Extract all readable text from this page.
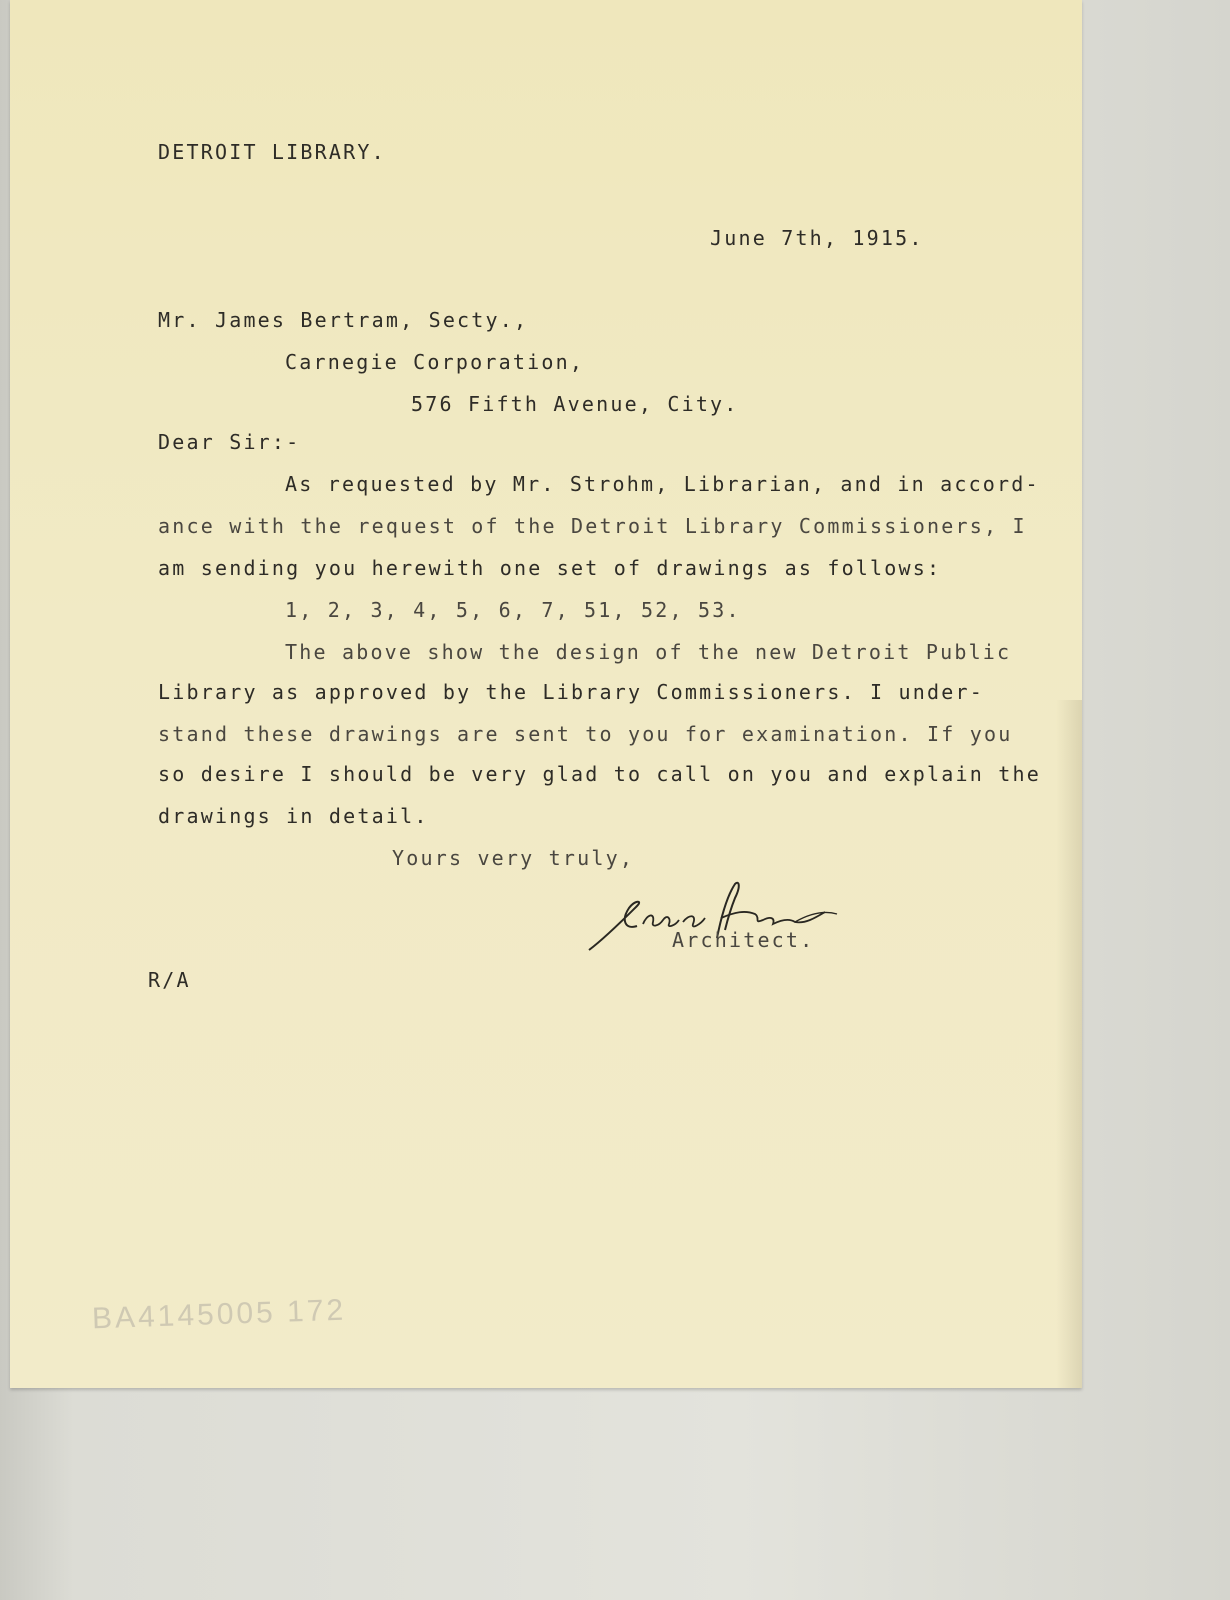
DETROIT LIBRARY.
June 7th, 1915.
Mr. James Bertram, Secty.,
Carnegie Corporation,
576 Fifth Avenue, City.
Dear Sir:-
As requested by Mr. Strohm, Librarian, and in accord-
ance with the request of the Detroit Library Commissioners, I
am sending you herewith one set of drawings as follows:
1, 2, 3, 4, 5, 6, 7, 51, 52, 53.
The above show the design of the new Detroit Public
Library as approved by the Library Commissioners. I under-
stand these drawings are sent to you for examination. If you
so desire I should be very glad to call on you and explain the
drawings in detail.
Yours very truly,
Architect.
R/A
BA4145005 172
